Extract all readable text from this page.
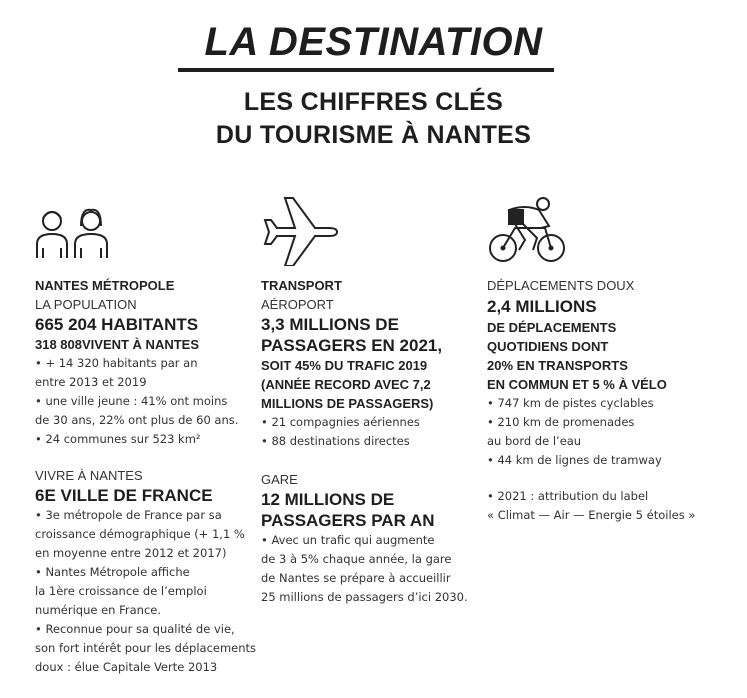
LA DESTINATION
LES CHIFFRES CLÉS
DU TOURISME À NANTES
NANTES MÉTROPOLE
LA POPULATION
665 204 HABITANTS
318 808VIVENT À NANTES
• + 14 320 habitants par an
entre 2013 et 2019
• une ville jeune : 41% ont moins
de 30 ans, 22% ont plus de 60 ans.
• 24 communes sur 523 km²
VIVRE À NANTES
6E VILLE DE FRANCE
• 3e métropole de France par sa
croissance démographique (+ 1,1 %
en moyenne entre 2012 et 2017)
• Nantes Métropole affiche
la 1ère croissance de l’emploi
numérique en France.
• Reconnue pour sa qualité de vie,
son fort intérêt pour les déplacements
doux : élue Capitale Verte 2013
TRANSPORT
AÉROPORT
3,3 MILLIONS DE
PASSAGERS EN 2021,
SOIT 45% DU TRAFIC 2019
(ANNÉE RECORD AVEC 7,2
MILLIONS DE PASSAGERS)
• 21 compagnies aériennes
• 88 destinations directes
GARE
12 MILLIONS DE
PASSAGERS PAR AN
• Avec un trafic qui augmente
de 3 à 5% chaque année, la gare
de Nantes se prépare à accueillir
25 millions de passagers d’ici 2030.
DÉPLACEMENTS DOUX
2,4 MILLIONS
DE DÉPLACEMENTS
QUOTIDIENS DONT
20% EN TRANSPORTS
EN COMMUN ET 5 % À VÉLO
• 747 km de pistes cyclables
• 210 km de promenades
au bord de l’eau
• 44 km de lignes de tramway
• 2021 : attribution du label
« Climat — Air — Energie 5 étoiles »
